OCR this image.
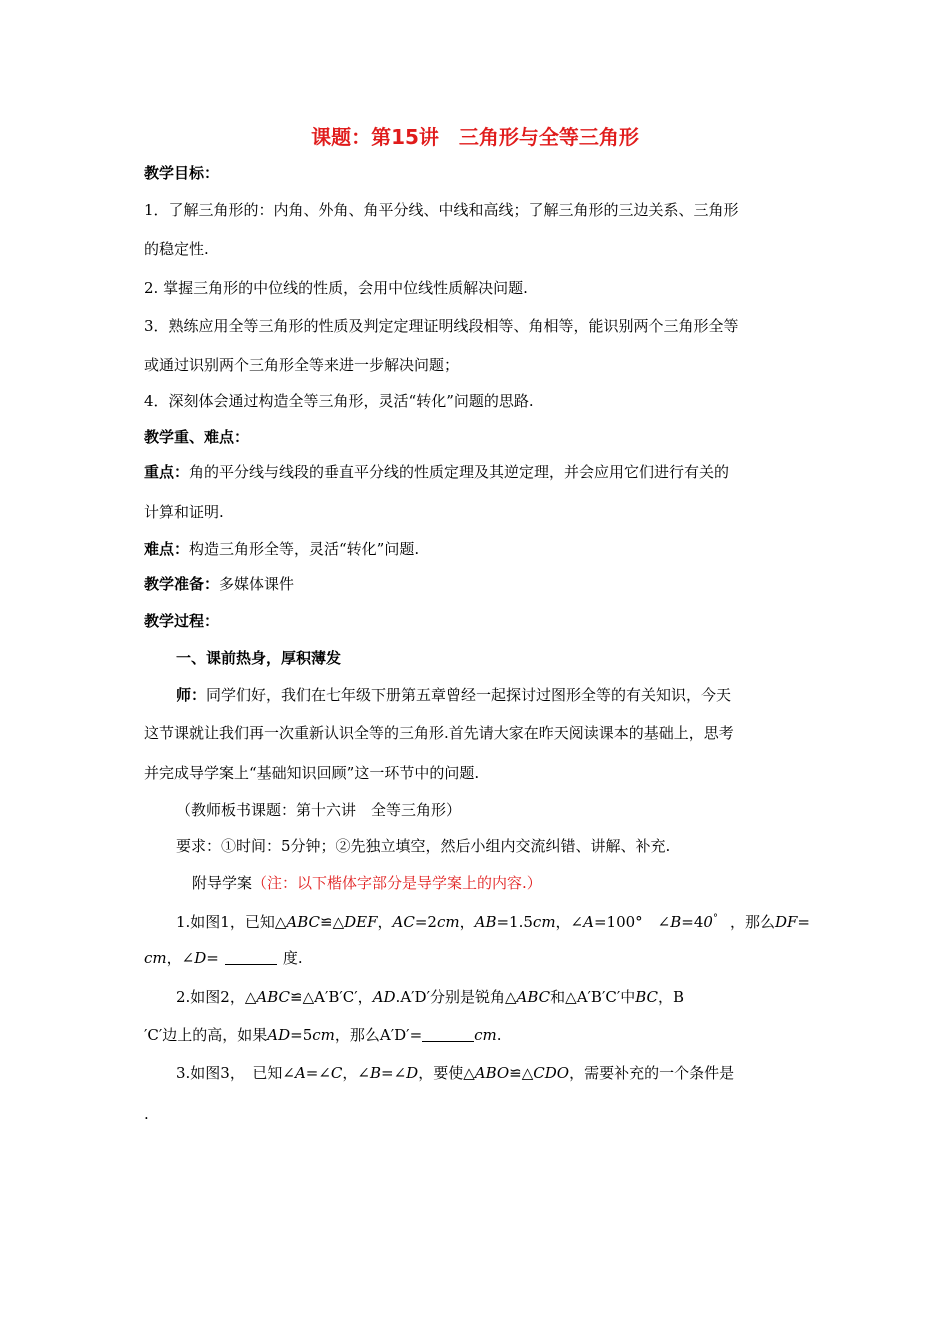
课题：第15讲　三角形与全等三角形
教学目标：
1．了解三角形的：内角、外角、角平分线、中线和高线；了解三角形的三边关系、三角形
的稳定性.
2. 掌握三角形的中位线的性质，会用中位线性质解决问题.
3．熟练应用全等三角形的性质及判定定理证明线段相等、角相等，能识别两个三角形全等
或通过识别两个三角形全等来进一步解决问题；
4．深刻体会通过构造全等三角形，灵活“转化”问题的思路.
教学重、难点：
重点：角的平分线与线段的垂直平分线的性质定理及其逆定理，并会应用它们进行有关的
计算和证明.
难点：构造三角形全等，灵活“转化”问题.
教学准备：多媒体课件
教学过程：
一、课前热身，厚积薄发
师：同学们好，我们在七年级下册第五章曾经一起探讨过图形全等的有关知识，今天
这节课就让我们再一次重新认识全等的三角形.首先请大家在昨天阅读课本的基础上，思考
并完成导学案上“基础知识回顾”这一环节中的问题.
（教师板书课题：第十六讲　全等三角形）
要求：①时间：5分钟；②先独立填空，然后小组内交流纠错、讲解、补充.
附导学案（注：以下楷体字部分是导学案上的内容.）
1.如图1，已知△ABC≌△DEF，AC=2cm，AB=1.5cm，∠A=100°　∠B=40° ，那么DF=
cm，∠D=	度.
2.如图2，△ABC≌△A′B′C′，AD.A′D′分别是锐角△ABC和△A′B′C′中BC，B
′C′边上的高，如果AD=5cm，那么A′D′=	cm.
3.如图3，　已知∠A=∠C，∠B=∠D，要使△ABO≌△CDO，需要补充的一个条件是
.
